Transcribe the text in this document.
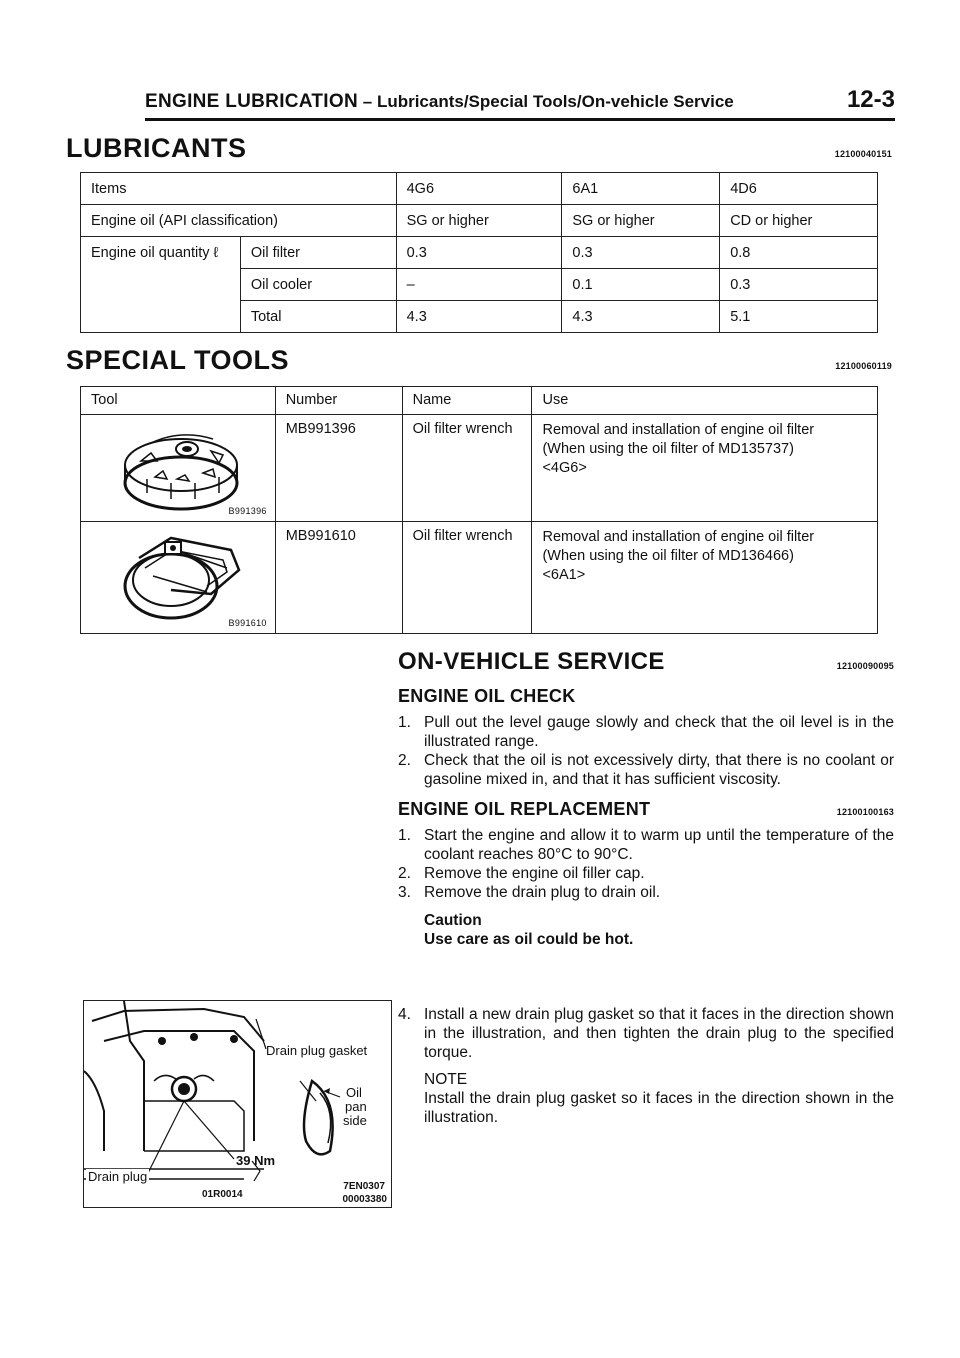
ENGINE LUBRICATION – Lubricants/Special Tools/On-vehicle Service	12-3
LUBRICANTS	12100040151
Items		4G6	6A1	4D6
Engine oil (API classification)		SG or higher	SG or higher	CD or higher
Engine oil quantity ℓ	Oil filter	0.3	0.3	0.8
	Oil cooler	–	0.1	0.3
	Total	4.3	4.3	5.1
SPECIAL TOOLS	12100060119
Tool	Number	Name	Use

B991396	MB991396	Oil filter wrench	Removal and installation of engine oil filter
(When using the oil filter of MD135737)
<4G6>

B991610	MB991610	Oil filter wrench	Removal and installation of engine oil filter
(When using the oil filter of MD136466)
<6A1>
ON-VEHICLE SERVICE	12100090095
ENGINE OIL CHECK
1. Pull out the level gauge slowly and check that the oil level is in the illustrated range.
2. Check that the oil is not excessively dirty, that there is no coolant or gasoline mixed in, and that it has sufficient viscosity.
ENGINE OIL REPLACEMENT	12100100163
1. Start the engine and allow it to warm up until the temperature of the coolant reaches 80°C to 90°C.
2. Remove the engine oil filler cap.
3. Remove the drain plug to drain oil.
Caution
Use care as oil could be hot.
4. Install a new drain plug gasket so that it faces in the direction shown in the illustration, and then tighten the drain plug to the specified torque.
NOTE
Install the drain plug gasket so it faces in the direction shown in the illustration.
Drain plug gasket
Oil
pan
side
39 Nm
Drain plug
01R0014
7EN0307
00003380
